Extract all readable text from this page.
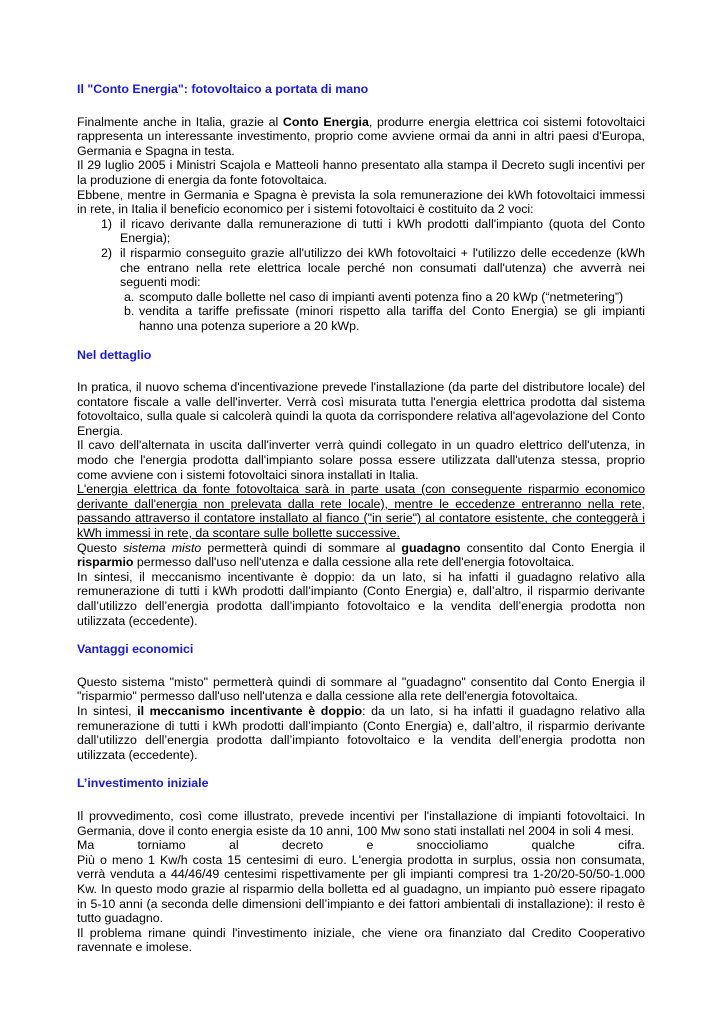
Il "Conto Energia": fotovoltaico a portata di mano

Finalmente anche in Italia, grazie al Conto Energia, produrre energia elettrica coi sistemi fotovoltaici rappresenta un interessante investimento, proprio come avviene ormai da anni in altri paesi d'Europa, Germania e Spagna in testa.

Il 29 luglio 2005 i Ministri Scajola e Matteoli hanno presentato alla stampa il Decreto sugli incentivi per la produzione di energia da fonte fotovoltaica.

Ebbene, mentre in Germania e Spagna è prevista la sola remunerazione dei kWh fotovoltaici immessi in rete, in Italia il beneficio economico per i sistemi fotovoltaici è costituito da 2 voci:

1) il ricavo derivante dalla remunerazione di tutti i kWh prodotti dall'impianto (quota del Conto Energia);
2) il risparmio conseguito grazie all'utilizzo dei kWh fotovoltaici + l'utilizzo delle eccedenze (kWh che entrano nella rete elettrica locale perché non consumati dall'utenza) che avverrà nei seguenti modi:
a. scomputo dalle bollette nel caso di impianti aventi potenza fino a 20 kWp (“netmetering”)
b. vendita a tariffe prefissate (minori rispetto alla tariffa del Conto Energia) se gli impianti hanno una potenza superiore a 20 kWp.
Nel dettaglio

In pratica, il nuovo schema d'incentivazione prevede l'installazione (da parte del distributore locale) del contatore fiscale a valle dell'inverter. Verrà così misurata tutta l'energia elettrica prodotta dal sistema fotovoltaico, sulla quale si calcolerà quindi la quota da corrispondere relativa all'agevolazione del Conto Energia.

Il cavo dell'alternata in uscita dall'inverter verrà quindi collegato in un quadro elettrico dell'utenza, in modo che l'energia prodotta dall'impianto solare possa essere utilizzata dall'utenza stessa, proprio come avviene con i sistemi fotovoltaici sinora installati in Italia.

L'energia elettrica da fonte fotovoltaica sarà in parte usata (con conseguente risparmio economico derivante dall'energia non prelevata dalla rete locale), mentre le eccedenze entreranno nella rete, passando attraverso il contatore installato al fianco ("in serie") al contatore esistente, che conteggerà i kWh immessi in rete, da scontare sulle bollette successive.

Questo sistema misto permetterà quindi di sommare al guadagno consentito dal Conto Energia il risparmio permesso dall'uso nell'utenza e dalla cessione alla rete dell'energia fotovoltaica.

In sintesi, il meccanismo incentivante è doppio: da un lato, si ha infatti il guadagno relativo alla remunerazione di tutti i kWh prodotti dall’impianto (Conto Energia) e, dall’altro, il risparmio derivante dall’utilizzo dell’energia prodotta dall’impianto fotovoltaico e la vendita dell’energia prodotta non utilizzata (eccedente).

Vantaggi economici

Questo sistema "misto" permetterà quindi di sommare al "guadagno" consentito dal Conto Energia il "risparmio" permesso dall'uso nell'utenza e dalla cessione alla rete dell'energia fotovoltaica.

In sintesi, il meccanismo incentivante è doppio: da un lato, si ha infatti il guadagno relativo alla remunerazione di tutti i kWh prodotti dall’impianto (Conto Energia) e, dall’altro, il risparmio derivante dall’utilizzo dell’energia prodotta dall’impianto fotovoltaico e la vendita dell’energia prodotta non utilizzata (eccedente).

L’investimento iniziale

Il provvedimento, così come illustrato, prevede incentivi per l'installazione di impianti fotovoltaici. In Germania, dove il conto energia esiste da 10 anni, 100 Mw sono stati installati nel 2004 in soli 4 mesi.

Ma torniamo al decreto e snoccioliamo qualche cifra.

Più o meno 1 Kw/h costa 15 centesimi di euro. L'energia prodotta in surplus, ossia non consumata, verrà venduta a 44/46/49 centesimi rispettivamente per gli impianti compresi tra 1-20/20-50/50-1.000 Kw. In questo modo grazie al risparmio della bolletta ed al guadagno, un impianto può essere ripagato in 5-10 anni (a seconda delle dimensioni dell’impianto e dei fattori ambientali di installazione): il resto è tutto guadagno.

Il problema rimane quindi l'investimento iniziale, che viene ora finanziato dal Credito Cooperativo ravennate e imolese.
